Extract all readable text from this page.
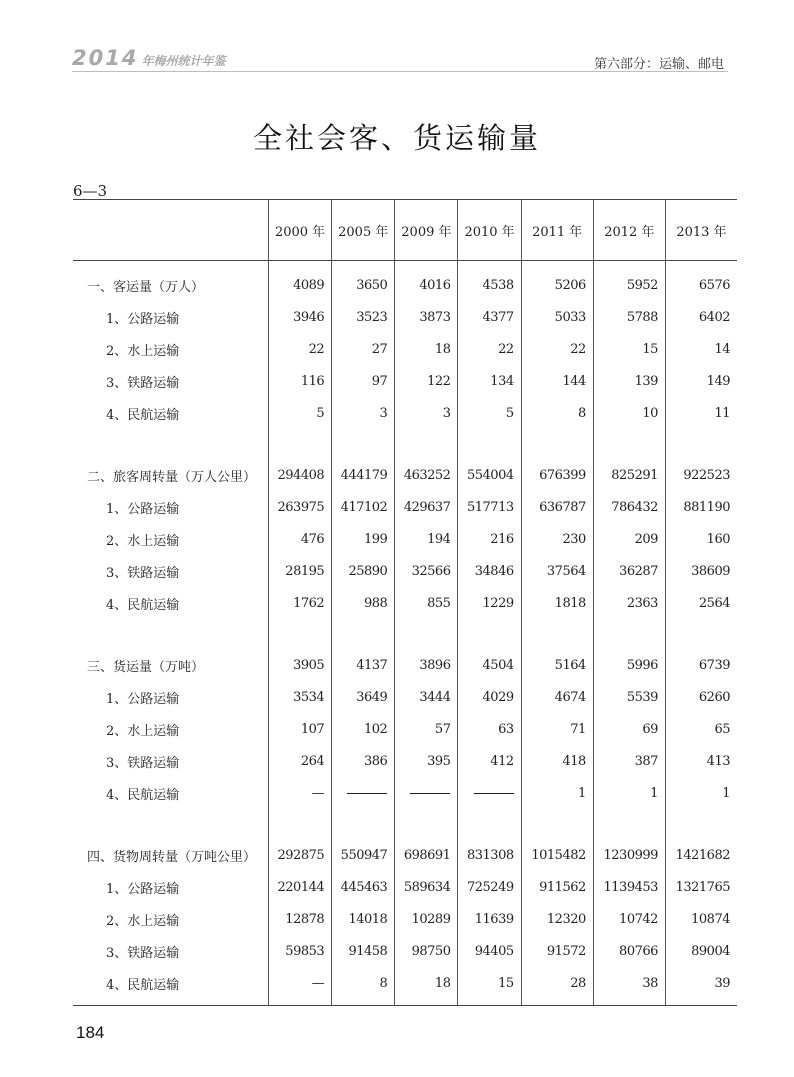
2014 年梅州统计年鉴	第六部分：运输、邮电
全社会客、货运输量
6—3
	2000 年	2005 年	2009 年	2010 年	2011 年	2012 年	2013 年
一、客运量（万人）	4089	3650	4016	4538	5206	5952	6576
1、公路运输	3946	3523	3873	4377	5033	5788	6402
2、水上运输	22	27	18	22	22	15	14
3、铁路运输	116	97	122	134	144	139	149
4、民航运输	5	3	3	5	8	10	11

二、旅客周转量（万人公里）	294408	444179	463252	554004	676399	825291	922523
1、公路运输	263975	417102	429637	517713	636787	786432	881190
2、水上运输	476	199	194	216	230	209	160
3、铁路运输	28195	25890	32566	34846	37564	36287	38609
4、民航运输	1762	988	855	1229	1818	2363	2564

三、货运量（万吨）	3905	4137	3896	4504	5164	5996	6739
1、公路运输	3534	3649	3444	4029	4674	5539	6260
2、水上运输	107	102	57	63	71	69	65
3、铁路运输	264	386	395	412	418	387	413
4、民航运输	—				1	1	1

四、货物周转量（万吨公里）	292875	550947	698691	831308	1015482	1230999	1421682
1、公路运输	220144	445463	589634	725249	911562	1139453	1321765
2、水上运输	12878	14018	10289	11639	12320	10742	10874
3、铁路运输	59853	91458	98750	94405	91572	80766	89004
4、民航运输	—	8	18	15	28	38	39
184
